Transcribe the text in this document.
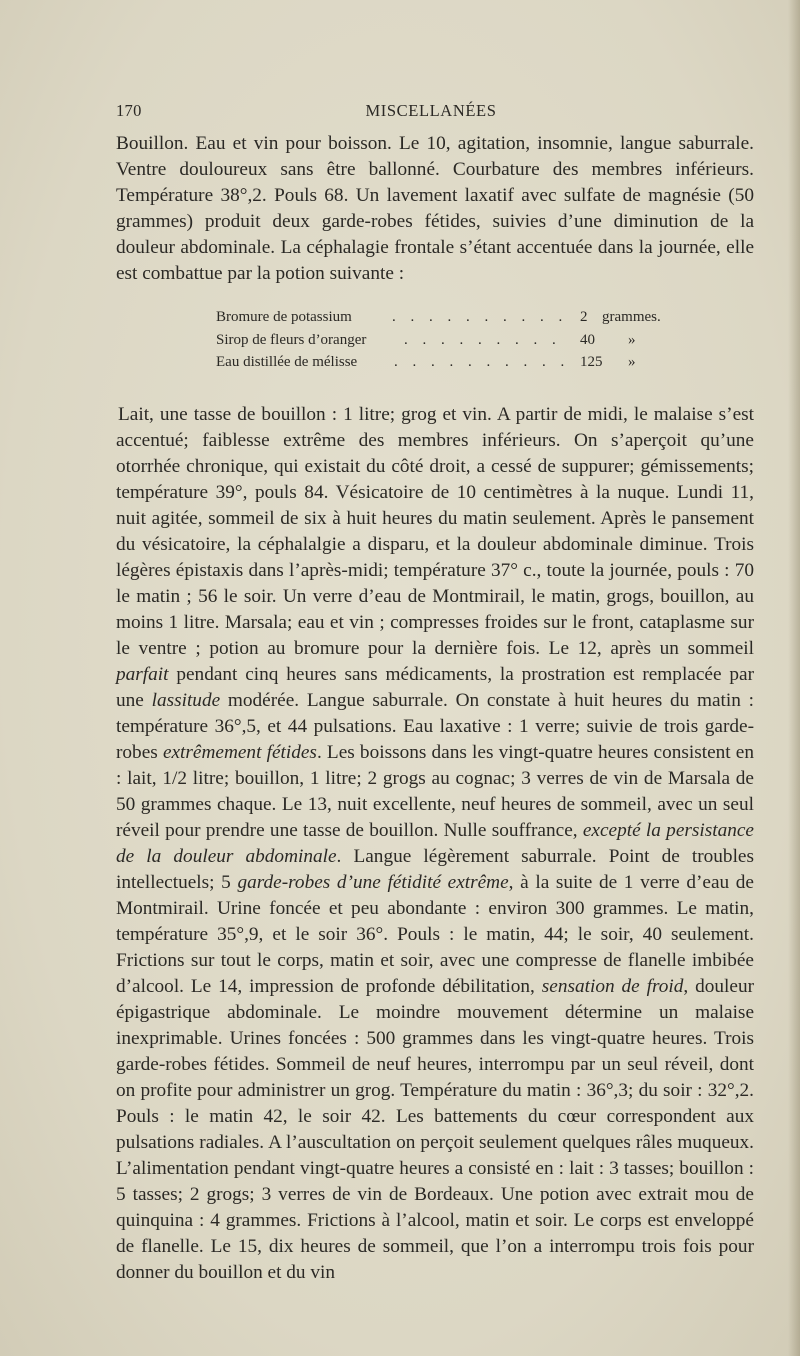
MISCELLANÉES
170

Bouillon. Eau et vin pour boisson. Le 10, agitation, insomnie, langue saburrale. Ventre douloureux sans être ballonné. Courbature des membres inférieurs. Température 38°,2. Pouls 68. Un lavement laxatif avec sulfate de magnésie (50 grammes) produit deux garde-robes fétides, suivies d’une diminution de la douleur abdominale. La céphalagie frontale s’étant accentuée dans la journée, elle est combattue par la potion suivante :

Bromure de potassium	. . . . . . . . . . 2 grammes.
Sirop de fleurs d’oranger	. . . . . . . . . 40 »
Eau distillée de mélisse . . . . . . . . . . 125 »

Lait, une tasse de bouillon : 1 litre; grog et vin. A partir de midi, le malaise s’est accentué; faiblesse extrême des membres inférieurs. On s’aperçoit qu’une otorrhée chronique, qui existait du côté droit, a cessé de suppurer; gémissements; température 39°, pouls 84. Vésicatoire de 10 centimètres à la nuque. Lundi 11, nuit agitée, sommeil de six à huit heures du matin seulement. Après le pansement du vésicatoire, la céphalalgie a disparu, et la douleur abdominale diminue. Trois légères épistaxis dans l’après-midi; température 37° c., toute la journée, pouls : 70 le matin ; 56 le soir. Un verre d’eau de Montmirail, le matin, grogs, bouillon, au moins 1 litre. Marsala; eau et vin ; compresses froides sur le front, cataplasme sur le ventre ; potion au bromure pour la dernière fois. Le 12, après un sommeil parfait pendant cinq heures sans médicaments, la prostration est remplacée par une lassitude modérée. Langue saburrale. On constate à huit heures du matin : température 36°,5, et 44 pulsations. Eau laxative : 1 verre; suivie de trois garde-robes extrêmement fétides. Les boissons dans les vingt-quatre heures consistent en : lait, 1/2 litre; bouillon, 1 litre; 2 grogs au cognac; 3 verres de vin de Marsala de 50 grammes chaque. Le 13, nuit excellente, neuf heures de sommeil, avec un seul réveil pour prendre une tasse de bouillon. Nulle souffrance, excepté la persistance de la douleur abdominale. Langue légèrement saburrale. Point de troubles intellectuels; 5 garde-robes d’une fétidité extrême, à la suite de 1 verre d’eau de Montmirail. Urine foncée et peu abondante : environ 300 grammes. Le matin, température 35°,9, et le soir 36°. Pouls : le matin, 44; le soir, 40 seulement. Frictions sur tout le corps, matin et soir, avec une compresse de flanelle imbibée d’alcool. Le 14, impression de profonde débilitation, sensation de froid, douleur épigastrique abdominale. Le moindre mouvement détermine un malaise inexprimable. Urines foncées : 500 grammes dans les vingt-quatre heures. Trois garde-robes fétides. Sommeil de neuf heures, interrompu par un seul réveil, dont on profite pour administrer un grog. Température du matin : 36°,3; du soir : 32°,2. Pouls : le matin 42, le soir 42. Les battements du cœur correspondent aux pulsations radiales. A l’auscultation on perçoit seulement quelques râles muqueux. L’alimentation pendant vingt-quatre heures a consisté en : lait : 3 tasses; bouillon : 5 tasses; 2 grogs; 3 verres de vin de Bordeaux. Une potion avec extrait mou de quinquina : 4 grammes. Frictions à l’alcool, matin et soir. Le corps est enveloppé de flanelle. Le 15, dix heures de sommeil, que l’on a interrompu trois fois pour donner du bouillon et du vin
